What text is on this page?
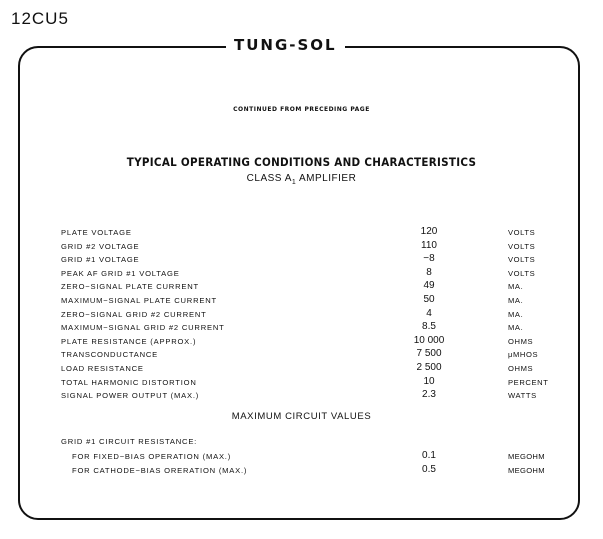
12CU5
TUNG-SOL
CONTINUED FROM PRECEDING PAGE
TYPICAL OPERATING CONDITIONS AND CHARACTERISTICS
CLASS $A_1$ AMPLIFIER
PLATE VOLTAGE	120	VOLTS
GRID #2 VOLTAGE	110	VOLTS
GRID #1 VOLTAGE	−8	VOLTS
PEAK AF GRID #1 VOLTAGE	8	VOLTS
ZERO−SIGNAL PLATE CURRENT	49	MA.
MAXIMUM−SIGNAL PLATE CURRENT	50	MA.
ZERO−SIGNAL GRID #2 CURRENT	4	MA.
MAXIMUM−SIGNAL GRID #2 CURRENT	8.5	MA.
PLATE RESISTANCE (APPROX.)	10 000	OHMS
TRANSCONDUCTANCE	7 500	μMHOS
LOAD RESISTANCE	2 500	OHMS
TOTAL HARMONIC DISTORTION	10	PERCENT
SIGNAL POWER OUTPUT (MAX.)	2.3	WATTS
MAXIMUM CIRCUIT VALUES
GRID #1 CIRCUIT RESISTANCE:
FOR FIXED−BIAS OPERATION (MAX.)	0.1	MEGOHM
FOR CATHODE−BIAS ORERATION (MAX.)	0.5	MEGOHM
